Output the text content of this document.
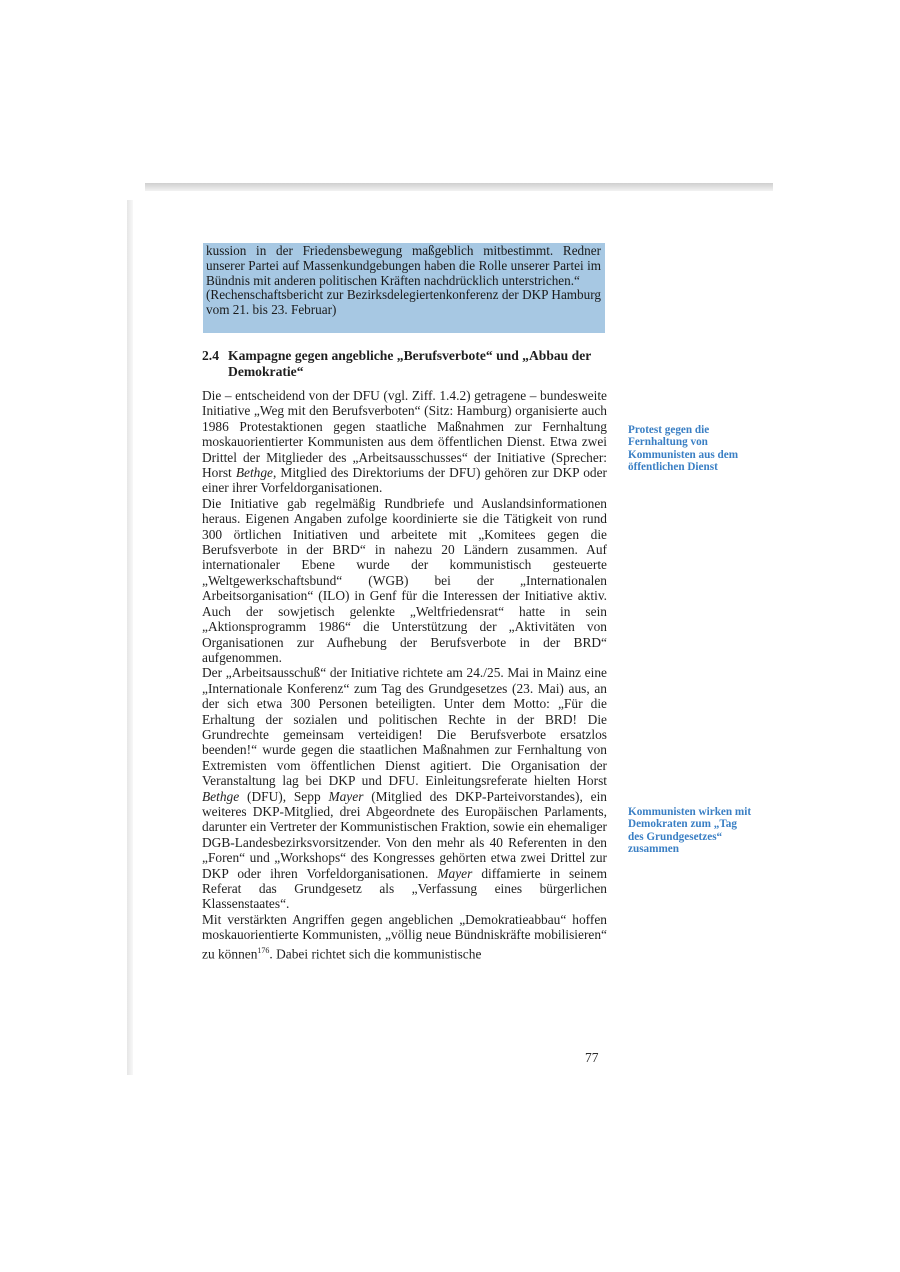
kussion in der Friedensbewegung maßgeblich mitbestimmt. Redner unserer Partei auf Massenkundgebungen haben die Rolle unserer Partei im Bündnis mit anderen politischen Kräften nachdrücklich unterstrichen.“

(Rechenschaftsbericht zur Bezirksdelegiertenkonferenz der DKP Hamburg vom 21. bis 23. Februar)

2.4 Kampagne gegen angebliche „Berufsverbote“ und „Abbau der
Demokratie“

Die – entscheidend von der DFU (vgl. Ziff. 1.4.2) getragene – bundesweite Initiative „Weg mit den Berufsverboten“ (Sitz: Hamburg) organisierte auch 1986 Protestaktionen gegen staatliche Maßnahmen zur Fernhaltung moskauorientierter Kommunisten aus dem öffentlichen Dienst. Etwa zwei Drittel der Mitglieder des „Arbeitsausschusses“ der Initiative (Sprecher: Horst Bethge, Mitglied des Direktoriums der DFU) gehören zur DKP oder einer ihrer Vorfeldorganisationen.

Die Initiative gab regelmäßig Rundbriefe und Auslandsinformationen heraus. Eigenen Angaben zufolge koordinierte sie die Tätigkeit von rund 300 örtlichen Initiativen und arbeitete mit „Komitees gegen die Berufsverbote in der BRD“ in nahezu 20 Ländern zusammen. Auf internationaler Ebene wurde der kommunistisch gesteuerte „Weltgewerkschaftsbund“ (WGB) bei der „Internationalen Arbeitsorganisation“ (ILO) in Genf für die Interessen der Initiative aktiv. Auch der sowjetisch gelenkte „Weltfriedensrat“ hatte in sein „Aktionsprogramm 1986“ die Unterstützung der „Aktivitäten von Organisationen zur Aufhebung der Berufsverbote in der BRD“ aufgenommen.

Der „Arbeitsausschuß“ der Initiative richtete am 24./25. Mai in Mainz eine „Internationale Konferenz“ zum Tag des Grundgesetzes (23. Mai) aus, an der sich etwa 300 Personen beteiligten. Unter dem Motto: „Für die Erhaltung der sozialen und politischen Rechte in der BRD! Die Grundrechte gemeinsam verteidigen! Die Berufsverbote ersatzlos beenden!“ wurde gegen die staatlichen Maßnahmen zur Fernhaltung von Extremisten vom öffentlichen Dienst agitiert. Die Organisation der Veranstaltung lag bei DKP und DFU. Einleitungsreferate hielten Horst Bethge (DFU), Sepp Mayer (Mitglied des DKP-Parteivorstandes), ein weiteres DKP-Mitglied, drei Abgeordnete des Europäischen Parlaments, darunter ein Vertreter der Kommunistischen Fraktion, sowie ein ehemaliger DGB-Landesbezirksvorsitzender. Von den mehr als 40 Referenten in den „Foren“ und „Workshops“ des Kongresses gehörten etwa zwei Drittel zur DKP oder ihren Vorfeldorganisationen. Mayer diffamierte in seinem Referat das Grundgesetz als „Verfassung eines bürgerlichen Klassenstaates“.

Mit verstärkten Angriffen gegen angeblichen „Demokratieabbau“ hoffen moskauorientierte Kommunisten, „völlig neue Bündniskräfte mobilisieren“ zu können$^{176}$. Dabei richtet sich die kommunistische

Protest gegen die Fernhaltung von Kommunisten aus dem öffentlichen Dienst
Kommunisten wirken mit Demokraten zum „Tag des Grundgesetzes“ zusammen
77
